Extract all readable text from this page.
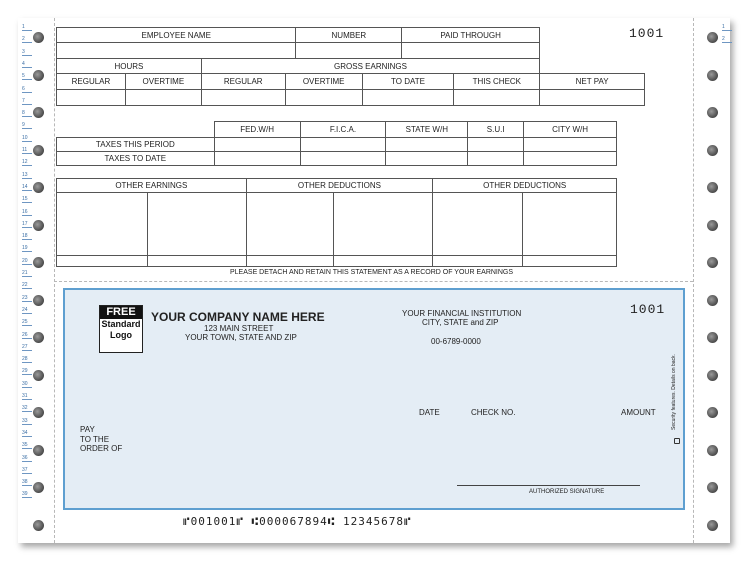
1
2
3
4
5
6
7
8
9
10
11
12
13
14
15
16
17
18
19
20
21
22
23
24
25
26
27
28
29
30
31
32
33
34
35
36
37
38
39
1
2
1001
EMPLOYEE NAME	NUMBER	PAID THROUGH

HOURS		GROSS EARNINGS				
REGULAR	OVERTIME	REGULAR	OVERTIME	TO DATE	THIS CHECK	NET PAY

	FED.W/H	F.I.C.A.	STATE W/H	S.U.I	CITY W/H
TAXES THIS PERIOD					
TAXES TO DATE					
OTHER EARNINGS		OTHER DEDUCTIONS		OTHER DEDUCTIONS	

PLEASE DETACH AND RETAIN THIS STATEMENT AS A RECORD OF YOUR EARNINGS
FREE
Standard
Logo
YOUR COMPANY NAME HERE
123 MAIN STREET
YOUR TOWN, STATE AND ZIP
YOUR FINANCIAL INSTITUTION
CITY, STATE and ZIP
00-6789-0000
1001
DATE	CHECK NO.	AMOUNT
PAY
TO THE
ORDER OF
AUTHORIZED SIGNATURE
Security features. Details on back.
⑈001001⑈ ⑆000067894⑆ 12345678⑈
